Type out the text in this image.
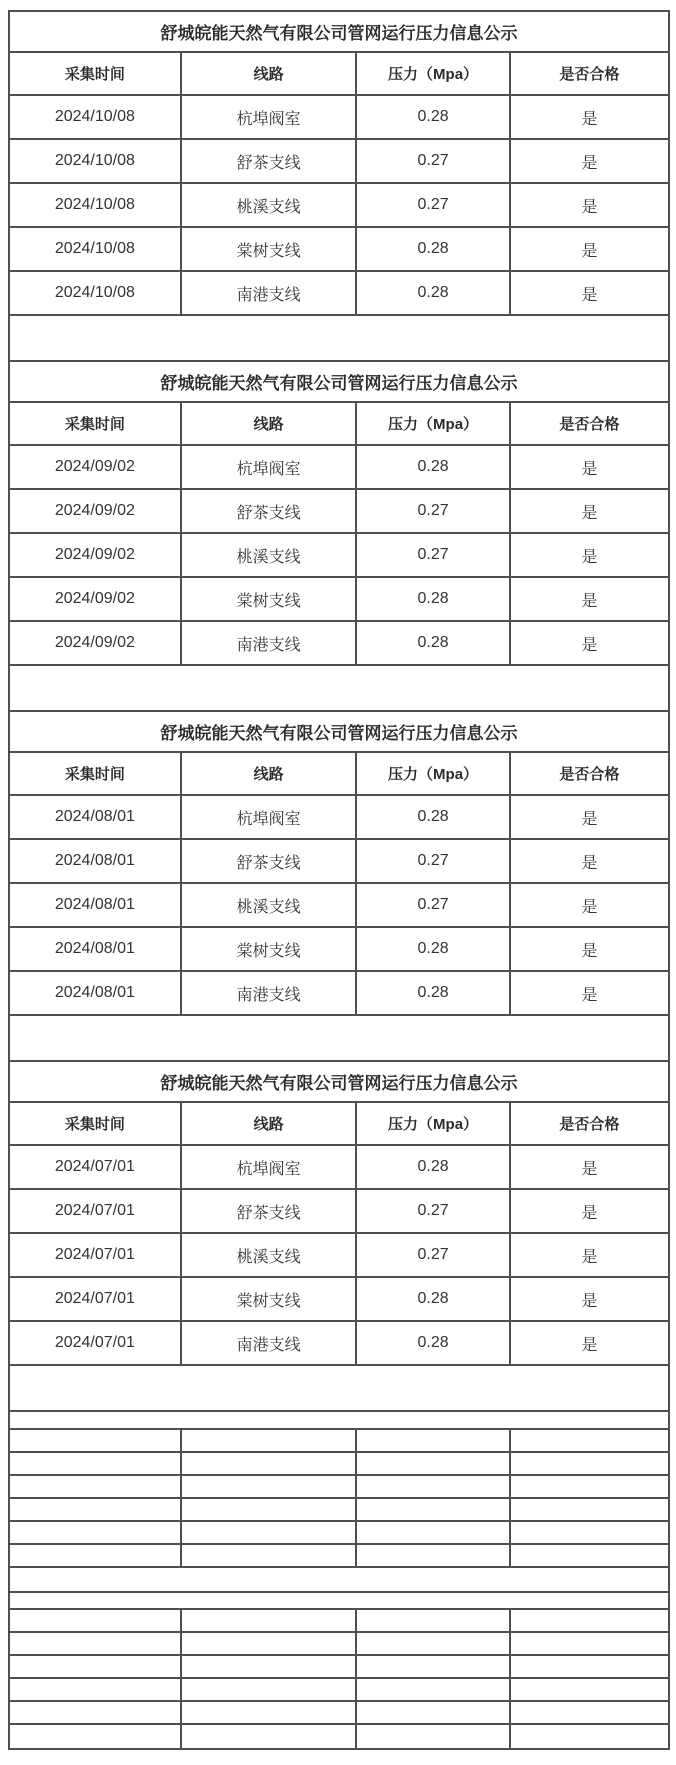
舒城皖能天然气有限公司管网运行压力信息公示
采集时间	线路	压力（Mpa）	是否合格
2024/10/08	杭埠阀室	0.28	是
2024/10/08	舒茶支线	0.27	是
2024/10/08	桃溪支线	0.27	是
2024/10/08	棠树支线	0.28	是
2024/10/08	南港支线	0.28	是
舒城皖能天然气有限公司管网运行压力信息公示
采集时间	线路	压力（Mpa）	是否合格
2024/09/02	杭埠阀室	0.28	是
2024/09/02	舒茶支线	0.27	是
2024/09/02	桃溪支线	0.27	是
2024/09/02	棠树支线	0.28	是
2024/09/02	南港支线	0.28	是
舒城皖能天然气有限公司管网运行压力信息公示
采集时间	线路	压力（Mpa）	是否合格
2024/08/01	杭埠阀室	0.28	是
2024/08/01	舒茶支线	0.27	是
2024/08/01	桃溪支线	0.27	是
2024/08/01	棠树支线	0.28	是
2024/08/01	南港支线	0.28	是
舒城皖能天然气有限公司管网运行压力信息公示
采集时间	线路	压力（Mpa）	是否合格
2024/07/01	杭埠阀室	0.28	是
2024/07/01	舒茶支线	0.27	是
2024/07/01	桃溪支线	0.27	是
2024/07/01	棠树支线	0.28	是
2024/07/01	南港支线	0.28	是
